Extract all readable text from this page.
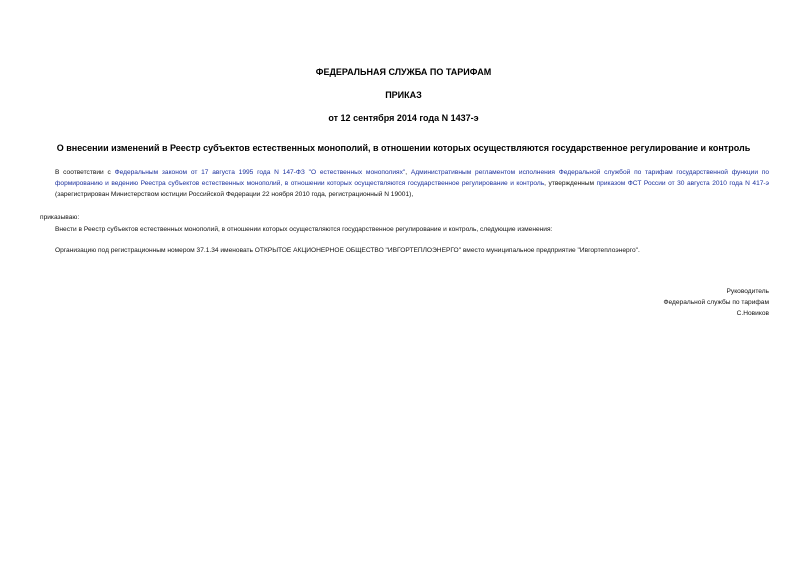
ФЕДЕРАЛЬНАЯ СЛУЖБА ПО ТАРИФАМ
ПРИКАЗ
от 12 сентября 2014 года N 1437-э
О внесении изменений в Реестр субъектов естественных монополий, в отношении которых осуществляются государственное регулирование и контроль
В соответствии с Федеральным законом от 17 августа 1995 года N 147-ФЗ "О естественных монополиях", Административным регламентом исполнения Федеральной службой по тарифам государственной функции по формированию и ведению Реестра субъектов естественных монополий, в отношении которых осуществляются государственное регулирование и контроль, утвержденным приказом ФСТ России от 30 августа 2010 года N 417-э (зарегистрирован Министерством юстиции Российской Федерации 22 ноября 2010 года, регистрационный N 19001),
приказываю:
Внести в Реестр субъектов естественных монополий, в отношении которых осуществляются государственное регулирование и контроль, следующие изменения:
Организацию под регистрационным номером 37.1.34 именовать ОТКРЫТОЕ АКЦИОНЕРНОЕ ОБЩЕСТВО "ИВГОРТЕПЛОЭНЕРГО" вместо муниципальное предприятие "Ивгортеплоэнерго".
Руководитель
Федеральной службы по тарифам
С.Новиков
